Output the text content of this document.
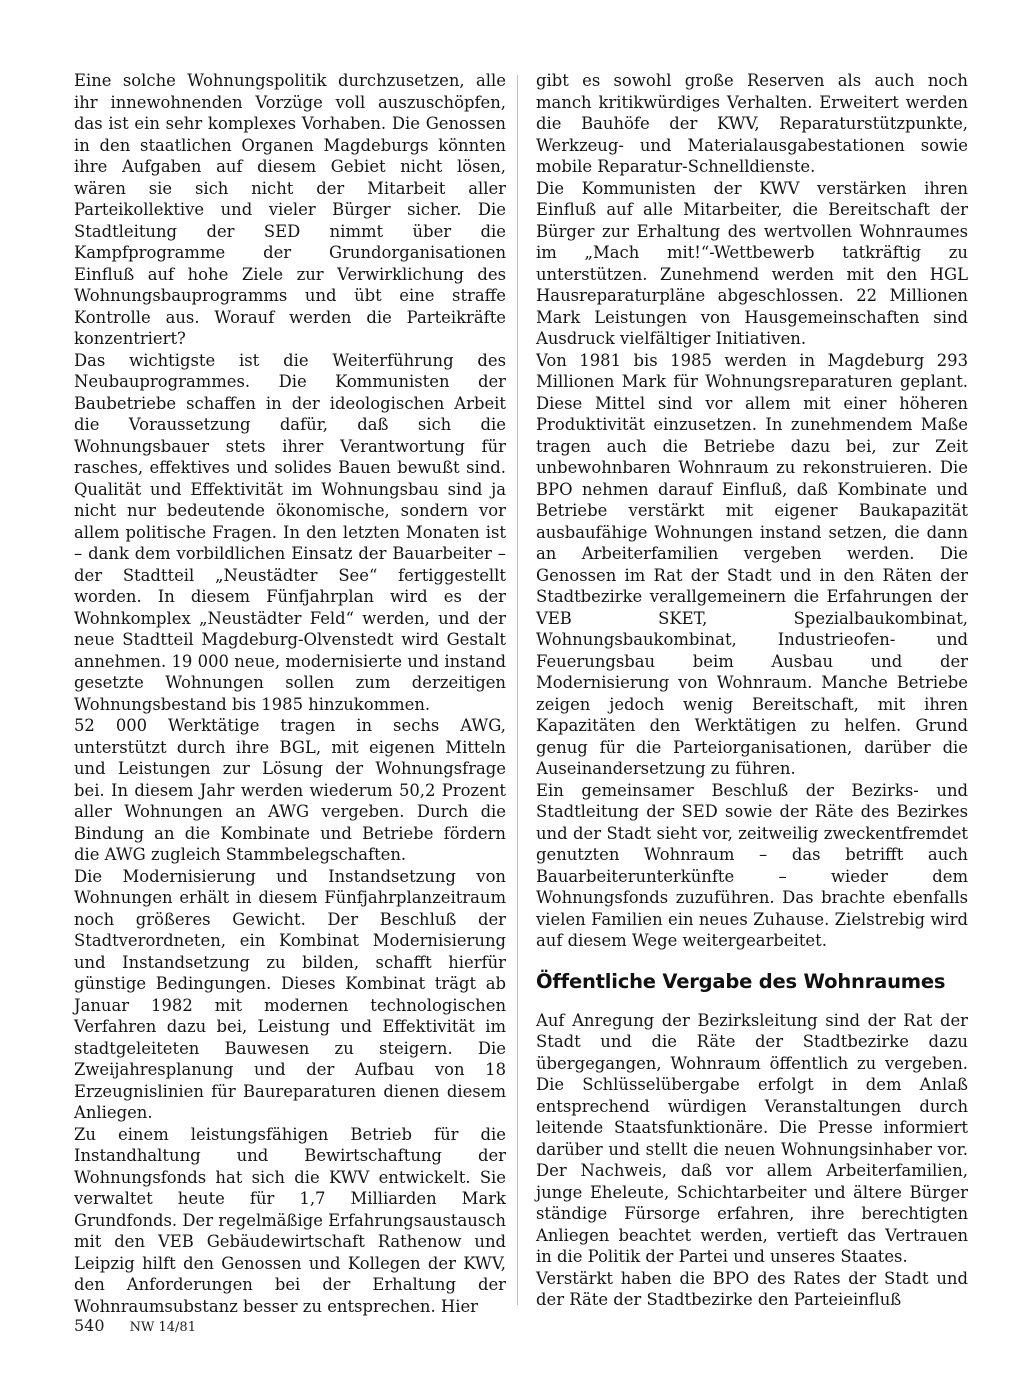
Eine solche Wohnungspolitik durchzusetzen, alle ihr innewohnenden Vorzüge voll auszuschöpfen, das ist ein sehr komplexes Vorhaben. Die Genossen in den staatlichen Organen Magdeburgs könnten ihre Aufgaben auf diesem Gebiet nicht lösen, wären sie sich nicht der Mitarbeit aller Parteikollektive und vieler Bürger sicher. Die Stadtleitung der SED nimmt über die Kampfprogramme der Grundorganisationen Einfluß auf hohe Ziele zur Verwirklichung des Wohnungsbauprogramms und übt eine straffe Kontrolle aus. Worauf werden die Parteikräfte konzentriert?

Das wichtigste ist die Weiterführung des Neubauprogrammes. Die Kommunisten der Baubetriebe schaffen in der ideologischen Arbeit die Voraussetzung dafür, daß sich die Wohnungsbauer stets ihrer Verantwortung für rasches, effektives und solides Bauen bewußt sind. Qualität und Effektivität im Wohnungsbau sind ja nicht nur bedeutende ökonomische, sondern vor allem politische Fragen. In den letzten Monaten ist – dank dem vorbildlichen Einsatz der Bauarbeiter – der Stadtteil „Neustädter See“ fertiggestellt worden. In diesem Fünfjahrplan wird es der Wohnkomplex „Neustädter Feld“ werden, und der neue Stadtteil Magdeburg-Olvenstedt wird Gestalt annehmen. 19 000 neue, modernisierte und instand gesetzte Wohnungen sollen zum derzeitigen Wohnungsbestand bis 1985 hinzukommen.

52 000 Werktätige tragen in sechs AWG, unterstützt durch ihre BGL, mit eigenen Mitteln und Leistungen zur Lösung der Wohnungsfrage bei. In diesem Jahr werden wiederum 50,2 Prozent aller Wohnungen an AWG vergeben. Durch die Bindung an die Kombinate und Betriebe fördern die AWG zugleich Stammbelegschaften.

Die Modernisierung und Instandsetzung von Wohnungen erhält in diesem Fünfjahrplanzeitraum noch größeres Gewicht. Der Beschluß der Stadtverordneten, ein Kombinat Modernisierung und Instandsetzung zu bilden, schafft hierfür günstige Bedingungen. Dieses Kombinat trägt ab Januar 1982 mit modernen technologischen Verfahren dazu bei, Leistung und Effektivität im stadtgeleiteten Bauwesen zu steigern. Die Zweijahresplanung und der Aufbau von 18 Erzeugnislinien für Baureparaturen dienen diesem Anliegen.

Zu einem leistungsfähigen Betrieb für die Instandhaltung und Bewirtschaftung der Wohnungsfonds hat sich die KWV entwickelt. Sie verwaltet heute für 1,7 Milliarden Mark Grundfonds. Der regelmäßige Erfahrungsaustausch mit den VEB Gebäudewirtschaft Rathenow und Leipzig hilft den Genossen und Kollegen der KWV, den Anforderungen bei der Erhaltung der Wohnraumsubstanz besser zu entsprechen. Hier

gibt es sowohl große Reserven als auch noch manch kritikwürdiges Verhalten. Erweitert werden die Bauhöfe der KWV, Reparaturstützpunkte, Werkzeug- und Materialausgabestationen sowie mobile Reparatur-Schnelldienste.

Die Kommunisten der KWV verstärken ihren Einfluß auf alle Mitarbeiter, die Bereitschaft der Bürger zur Erhaltung des wertvollen Wohnraumes im „Mach mit!“-Wettbewerb tatkräftig zu unterstützen. Zunehmend werden mit den HGL Hausreparaturpläne abgeschlossen. 22 Millionen Mark Leistungen von Hausgemeinschaften sind Ausdruck vielfältiger Initiativen.

Von 1981 bis 1985 werden in Magdeburg 293 Millionen Mark für Wohnungsreparaturen geplant. Diese Mittel sind vor allem mit einer höheren Produktivität einzusetzen. In zunehmendem Maße tragen auch die Betriebe dazu bei, zur Zeit unbewohnbaren Wohnraum zu rekonstruieren. Die BPO nehmen darauf Einfluß, daß Kombinate und Betriebe verstärkt mit eigener Baukapazität ausbaufähige Wohnungen instand setzen, die dann an Arbeiterfamilien vergeben werden. Die Genossen im Rat der Stadt und in den Räten der Stadtbezirke verallgemeinern die Erfahrungen der VEB SKET, Spezialbaukombinat, Wohnungsbaukombinat, Industrieofen- und Feuerungsbau beim Ausbau und der Modernisierung von Wohnraum. Manche Betriebe zeigen jedoch wenig Bereitschaft, mit ihren Kapazitäten den Werktätigen zu helfen. Grund genug für die Parteiorganisationen, darüber die Auseinandersetzung zu führen.

Ein gemeinsamer Beschluß der Bezirks- und Stadtleitung der SED sowie der Räte des Bezirkes und der Stadt sieht vor, zeitweilig zweckentfremdet genutzten Wohnraum – das betrifft auch Bauarbeiterunterkünfte – wieder dem Wohnungsfonds zuzuführen. Das brachte ebenfalls vielen Familien ein neues Zuhause. Zielstrebig wird auf diesem Wege weitergearbeitet.

Öffentliche Vergabe des Wohnraumes

Auf Anregung der Bezirksleitung sind der Rat der Stadt und die Räte der Stadtbezirke dazu übergegangen, Wohnraum öffentlich zu vergeben. Die Schlüsselübergabe erfolgt in dem Anlaß entsprechend würdigen Veranstaltungen durch leitende Staatsfunktionäre. Die Presse informiert darüber und stellt die neuen Wohnungsinhaber vor. Der Nachweis, daß vor allem Arbeiterfamilien, junge Eheleute, Schichtarbeiter und ältere Bürger ständige Fürsorge erfahren, ihre berechtigten Anliegen beachtet werden, vertieft das Vertrauen in die Politik der Partei und unseres Staates.

Verstärkt haben die BPO des Rates der Stadt und der Räte der Stadtbezirke den Parteieinfluß

540 NW 14/81
